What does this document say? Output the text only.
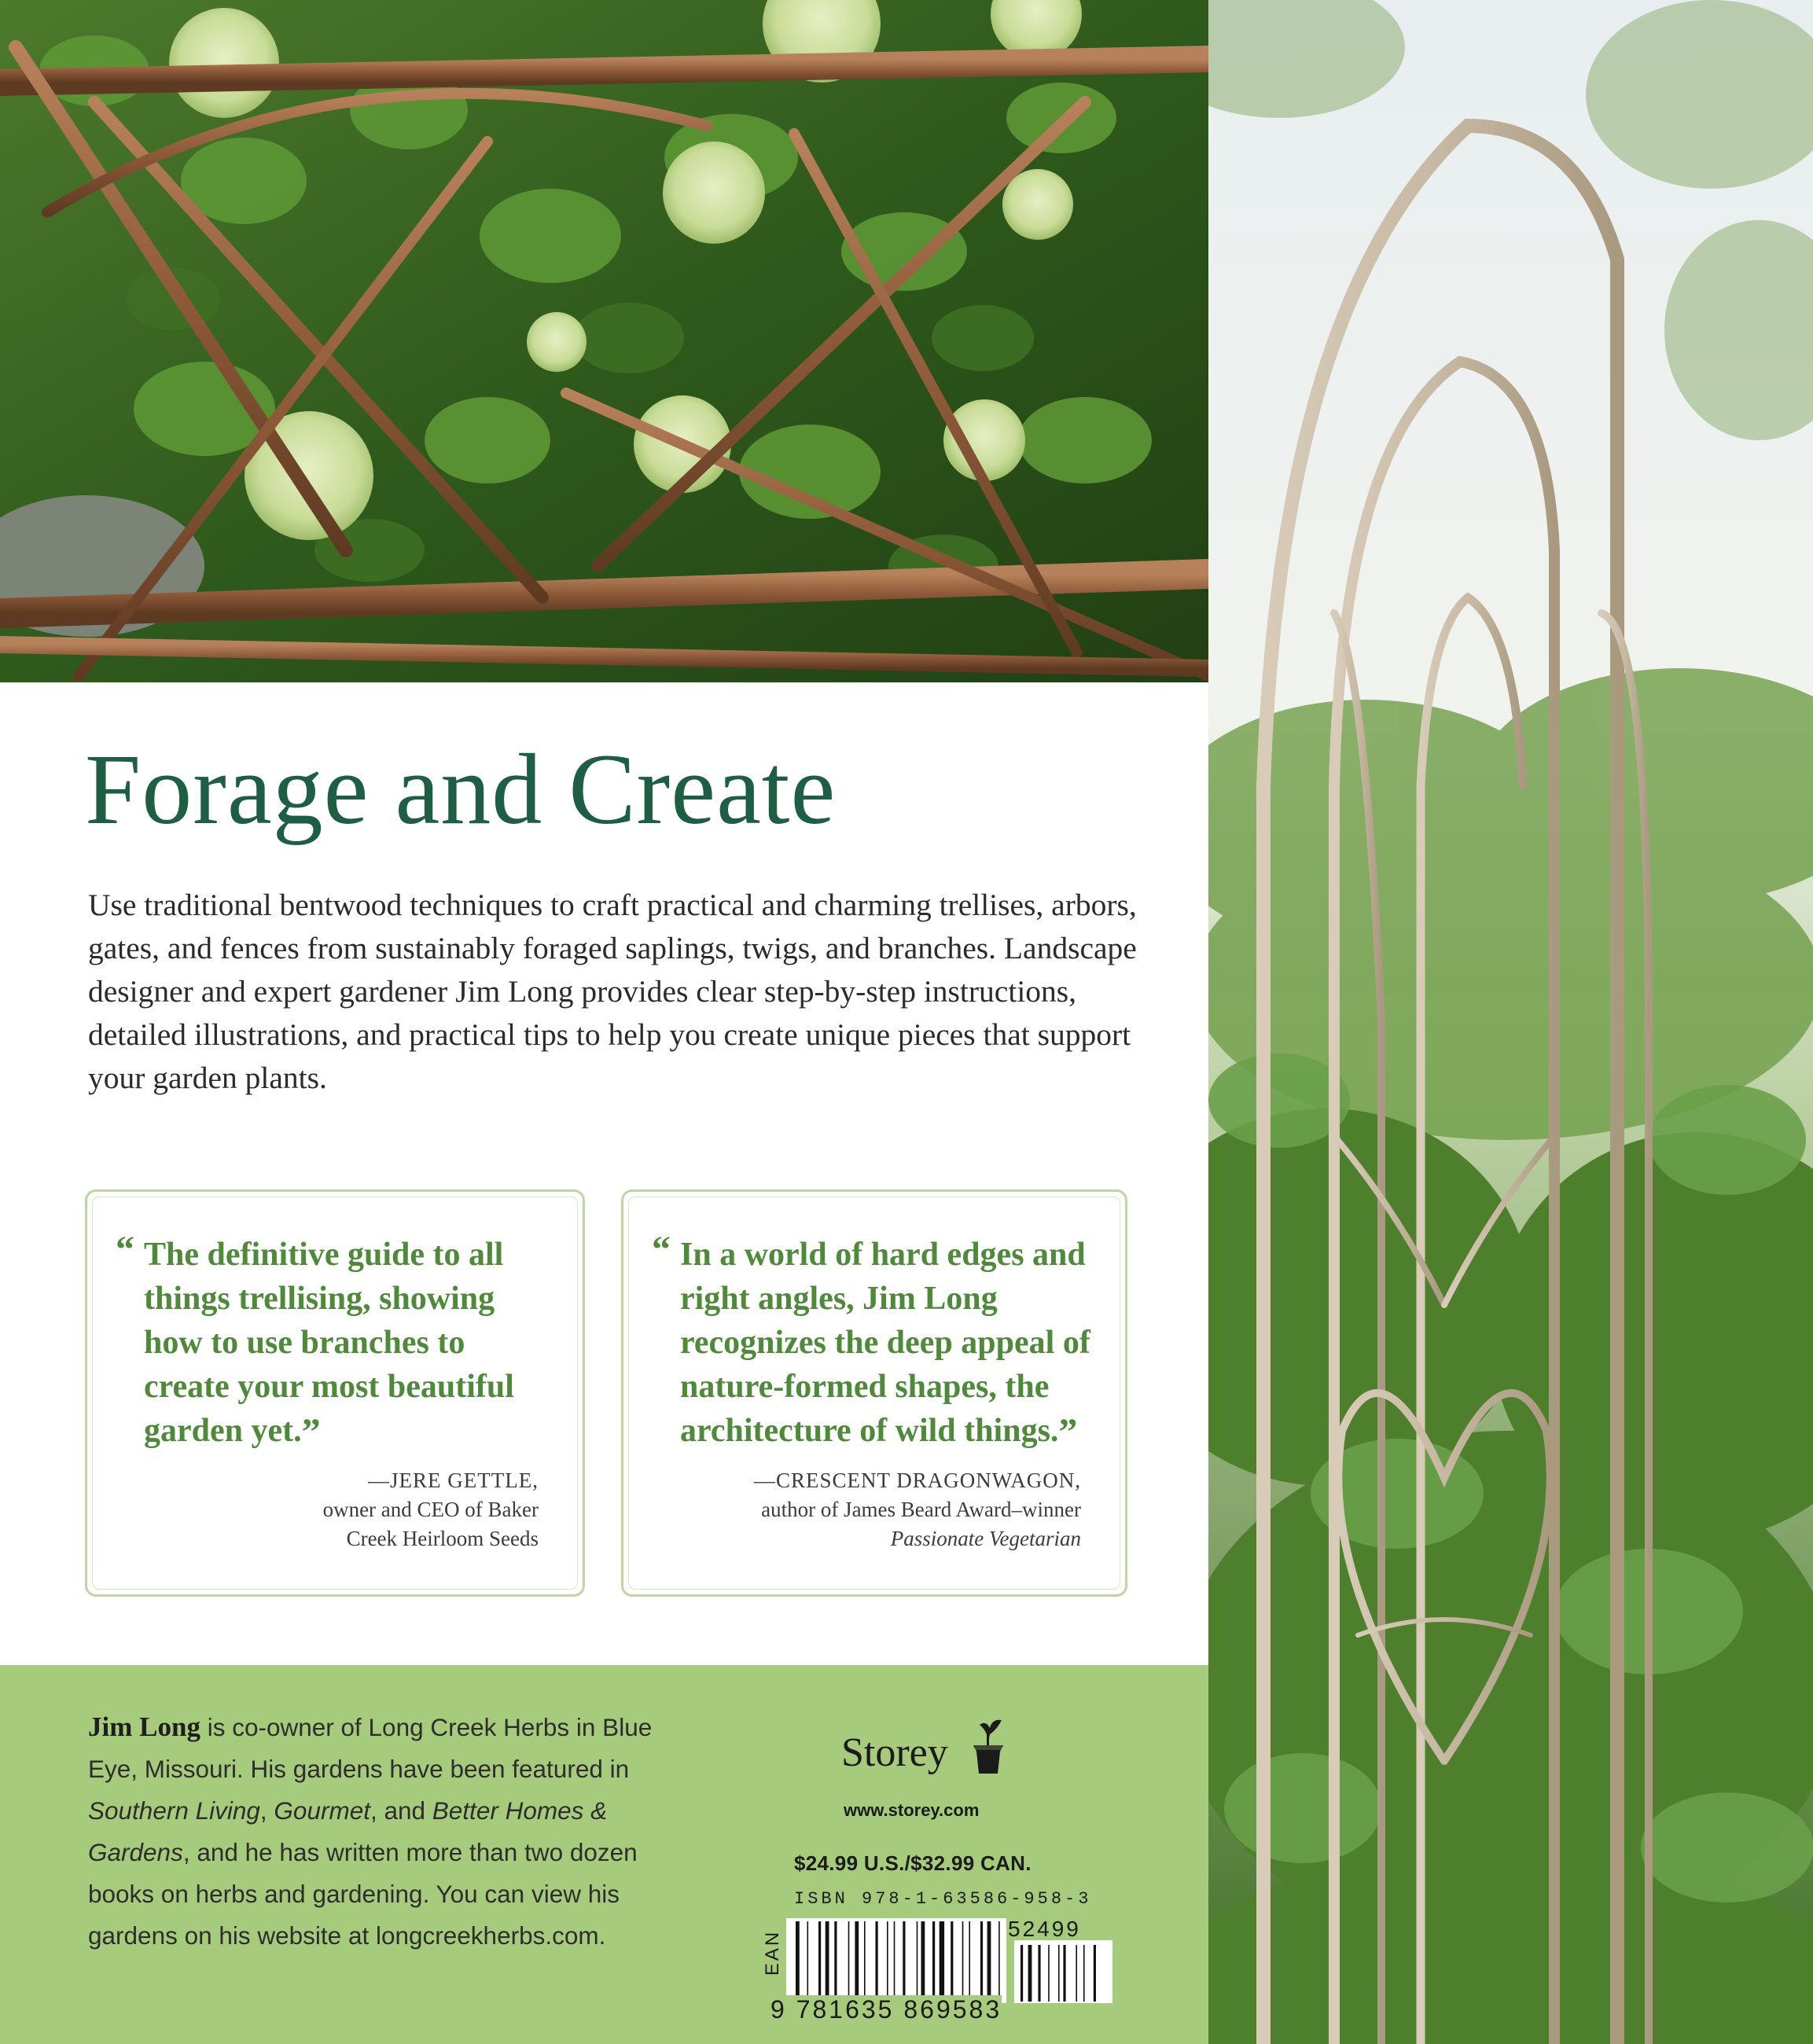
Forage and Create

Use traditional bentwood techniques to craft practical and charming trellises, arbors, gates, and fences from sustainably foraged saplings, twigs, and branches. Landscape designer and expert gardener Jim Long provides clear step-by-step instructions, detailed illustrations, and practical tips to help you create unique pieces that support your garden plants.

“ The definitive guide to all things trellising, showing how to use branches to create your most beautiful garden yet.”

—JERE GETTLE,
owner and CEO of Baker Creek Heirloom Seeds

“ In a world of hard edges and right angles, Jim Long recognizes the deep appeal of nature-formed shapes, the architecture of wild things.”

—CRESCENT DRAGONWAGON,
author of James Beard Award–winner
Passionate Vegetarian

Jim Long is co-owner of Long Creek Herbs in Blue Eye, Missouri. His gardens have been featured in Southern Living, Gourmet, and Better Homes & Gardens, and he has written more than two dozen books on herbs and gardening. You can view his gardens on his website at longcreekherbs.com.

Storey

www.storey.com

$24.99 U.S./$32.99 CAN.

ISBN 978-1-63586-958-3

EAN

52499

9 781635 869583
